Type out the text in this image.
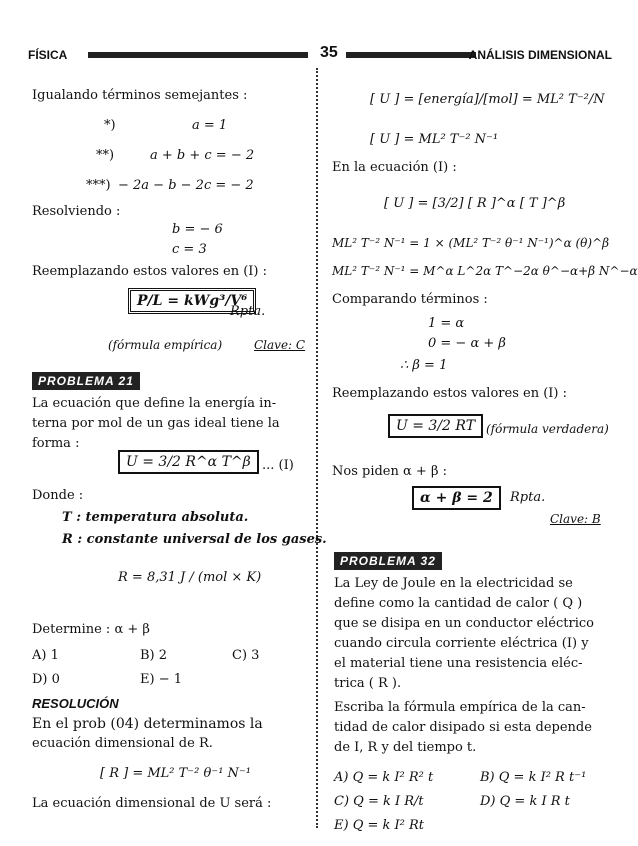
FÍSICA	35	ANÁLISIS DIMENSIONAL
Igualando términos semejantes :
*)	a = 1
**)	a + b + c = − 2
***) − 2a − b − 2c = − 2
Resolviendo :
b = − 6
c = 3
Reemplazando estos valores en (I) :
P/L = kWg³/V⁶
Rpta.
(fórmula empírica)	Clave: C
PROBLEMA 21
La ecuación que define la energía in-
terna por mol de un gas ideal tiene la
forma :
U = 3/2 R^α T^β ... (I)
Donde :
T : temperatura absoluta.
R : constante universal de los gases.
R = 8,31 J / (mol × K)
Determine : α + β
A) 1	B) 2	C) 3
D) 0	E) − 1
RESOLUCIÓN
En el prob (04) determinamos la
ecuación dimensional de R.
[ R ] = ML² T⁻² θ⁻¹ N⁻¹
La ecuación dimensional de U será :
[ U ] = [energía]/[mol] = ML² T⁻²/N
[ U ] = ML² T⁻² N⁻¹
En la ecuación (I) :
[ U ] = [3/2] [ R ]^α [ T ]^β
ML² T⁻² N⁻¹ = 1 × (ML² T⁻² θ⁻¹ N⁻¹)^α (θ)^β
ML² T⁻² N⁻¹ = M^α L^2α T^−2α θ^−α+β N^−α
Comparando términos :
1 = α
0 = − α + β
∴ β = 1
Reemplazando estos valores en (I) :
U = 3/2 RT (fórmula verdadera)
Nos piden α + β :
α + β = 2	Rpta.
Clave: B
PROBLEMA 32
La Ley de Joule en la electricidad se
define como la cantidad de calor ( Q )
que se disipa en un conductor eléctrico
cuando circula corriente eléctrica (I) y
el material tiene una resistencia eléc-
trica ( R ).
Escriba la fórmula empírica de la can-
tidad de calor disipado si esta depende
de I, R y del tiempo t.
A) Q = k I² R² t	B) Q = k I² R t⁻¹
C) Q = k I R/t	D) Q = k I R t
E) Q = k I² Rt
